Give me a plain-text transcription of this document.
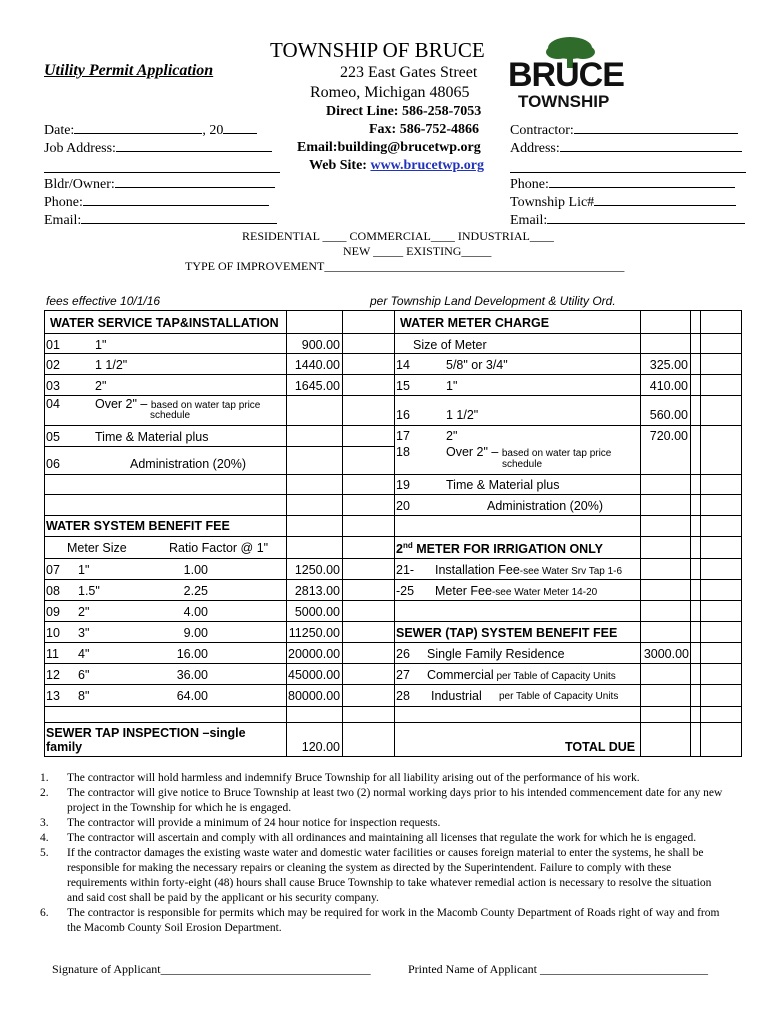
TOWNSHIP OF BRUCE
223 East Gates Street
Romeo, Michigan 48065
Direct Line: 586-258-7053
Fax: 586-752-4866
Email:building@brucetwp.org
Web Site: www.brucetwp.org
Utility Permit Application	BRUCE
TOWNSHIP
Date:	, 20
Job Address:
Bldr/Owner:
Phone:
Email:
Contractor:
Address:
Phone:
Township Lic#
Email:
RESIDENTIAL ____ COMMERCIAL____ INDUSTRIAL____
NEW _____ EXISTING_____
TYPE OF IMPROVEMENT__________________________________________________
fees effective 10/1/16	per Township Land Development & Utility Ord.
WATER SERVICE TAP&INSTALLATION
01	1"	900.00
02	1 1/2"	1440.00
03	2"	1645.00
04	Over 2" – based on water tap price
schedule
05	Time & Material plus
06	Administration (20%)
WATER SYSTEM BENEFIT FEE
Meter Size	Ratio Factor @ 1"
07 1"	1.00	1250.00
08 1.5"	2.25	2813.00
09 2"	4.00	5000.00
10 3"	9.00	11250.00
11 4"	16.00	20000.00
12 6"	36.00	45000.00
13 8"	64.00	80000.00
SEWER TAP INSPECTION –single
family	120.00	TOTAL DUE
WATER METER CHARGE
Size of Meter
14	5/8" or 3/4"	325.00
15	1"	410.00
16	1 1/2"	560.00
17	2"	720.00
18	Over 2" – based on water tap price
schedule
19	Time & Material plus
20	Administration (20%)
2nd METER FOR IRRIGATION ONLY
21- Installation Fee-see Water Srv Tap 1-6
-25 Meter Fee-see Water Meter 14-20
SEWER (TAP) SYSTEM BENEFIT FEE
26 Single Family Residence	3000.00
27 Commercial per Table of Capacity Units
28 Industrial per Table of Capacity Units
1. The contractor will hold harmless and indemnify Bruce Township for all liability arising out of the performance of his work.
2. The contractor will give notice to Bruce Township at least two (2) normal working days prior to his intended commencement date for any new project in the Township for which he is engaged.
3. The contractor will provide a minimum of 24 hour notice for inspection requests.
4. The contractor will ascertain and comply with all ordinances and maintaining all licenses that regulate the work for which he is engaged.
5. If the contractor damages the existing waste water and domestic water facilities or causes foreign material to enter the systems, he shall be responsible for making the necessary repairs or cleaning the system as directed by the Superintendent. Failure to comply with these requirements within forty-eight (48) hours shall cause Bruce Township to take whatever remedial action is necessary to resolve the situation and said cost shall be paid by the applicant or his security company.
6. The contractor is responsible for permits which may be required for work in the Macomb County Department of Roads right of way and from the Macomb County Soil Erosion Department.
Signature of Applicant___________________________________	Printed Name of Applicant ____________________________
